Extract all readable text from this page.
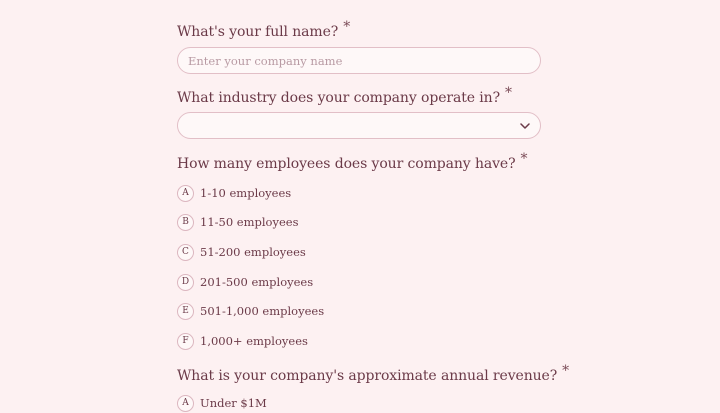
What's your full name? *
Enter your company name
What industry does your company operate in? *
How many employees does your company have? *
A 1-10 employees
B 11-50 employees
C 51-200 employees
D 201-500 employees
E 501-1,000 employees
F 1,000+ employees
What is your company's approximate annual revenue? *
A Under $1M
